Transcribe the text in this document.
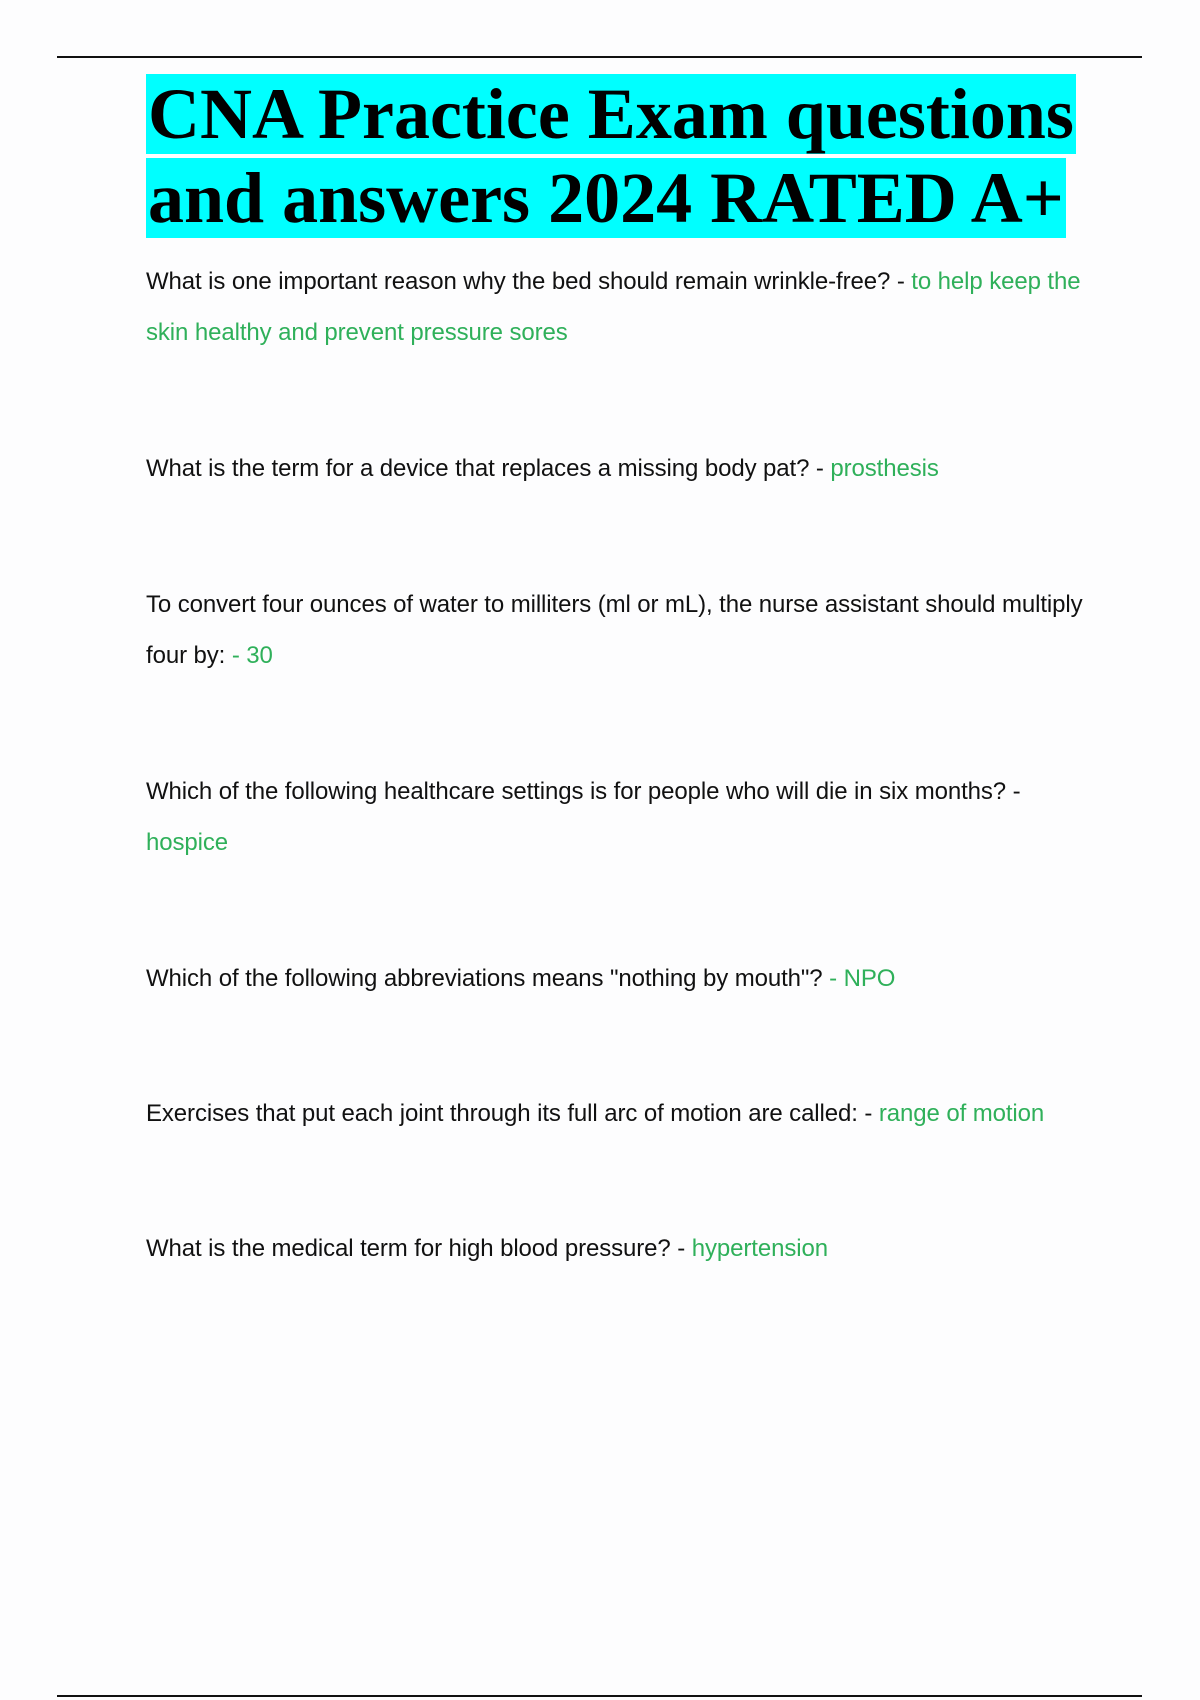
CNA Practice Exam questions and answers 2024 RATED A+
What is one important reason why the bed should remain wrinkle-free? - to help keep the skin healthy and prevent pressure sores
What is the term for a device that replaces a missing body pat? - prosthesis
To convert four ounces of water to milliters (ml or mL), the nurse assistant should multiply four by: - 30
Which of the following healthcare settings is for people who will die in six months? - hospice
Which of the following abbreviations means "nothing by mouth"? - NPO
Exercises that put each joint through its full arc of motion are called: - range of motion
What is the medical term for high blood pressure? - hypertension
